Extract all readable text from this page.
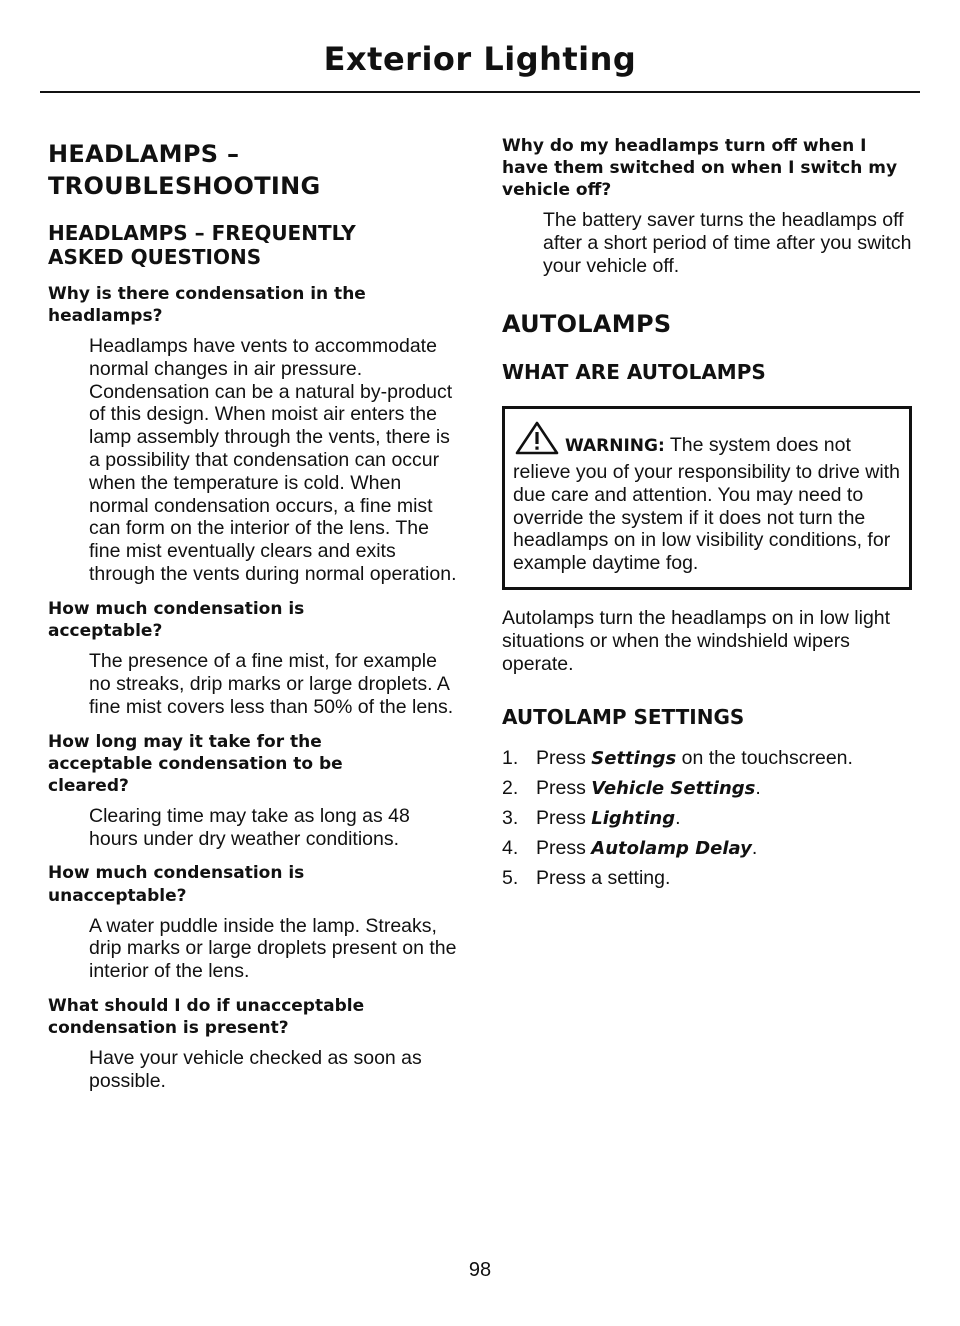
Exterior Lighting
HEADLAMPS –
TROUBLESHOOTING
HEADLAMPS – FREQUENTLY ASKED QUESTIONS

Why is there condensation in the headlamps?

Headlamps have vents to accommodate normal changes in air pressure. Condensation can be a natural by-product of this design. When moist air enters the lamp assembly through the vents, there is a possibility that condensation can occur when the temperature is cold. When normal condensation occurs, a fine mist can form on the interior of the lens. The fine mist eventually clears and exits through the vents during normal operation.

How much condensation is acceptable?

The presence of a fine mist, for example no streaks, drip marks or large droplets. A fine mist covers less than 50% of the lens.

How long may it take for the acceptable condensation to be cleared?

Clearing time may take as long as 48 hours under dry weather conditions.

How much condensation is unacceptable?

A water puddle inside the lamp. Streaks, drip marks or large droplets present on the interior of the lens.

What should I do if unacceptable condensation is present?

Have your vehicle checked as soon as possible.

Why do my headlamps turn off when I have them switched on when I switch my vehicle off?

The battery saver turns the headlamps off after a short period of time after you switch your vehicle off.

AUTOLAMPS
WHAT ARE AUTOLAMPS
WARNING: The system does not relieve you of your responsibility to drive with due care and attention. You may need to override the system if it does not turn the headlamps on in low visibility conditions, for example daytime fog.

Autolamps turn the headlamps on in low light situations or when the windshield wipers operate.

AUTOLAMP SETTINGS
1. Press Settings on the touchscreen.
2. Press Vehicle Settings.
3. Press Lighting.
4. Press Autolamp Delay.
5. Press a setting.
98
